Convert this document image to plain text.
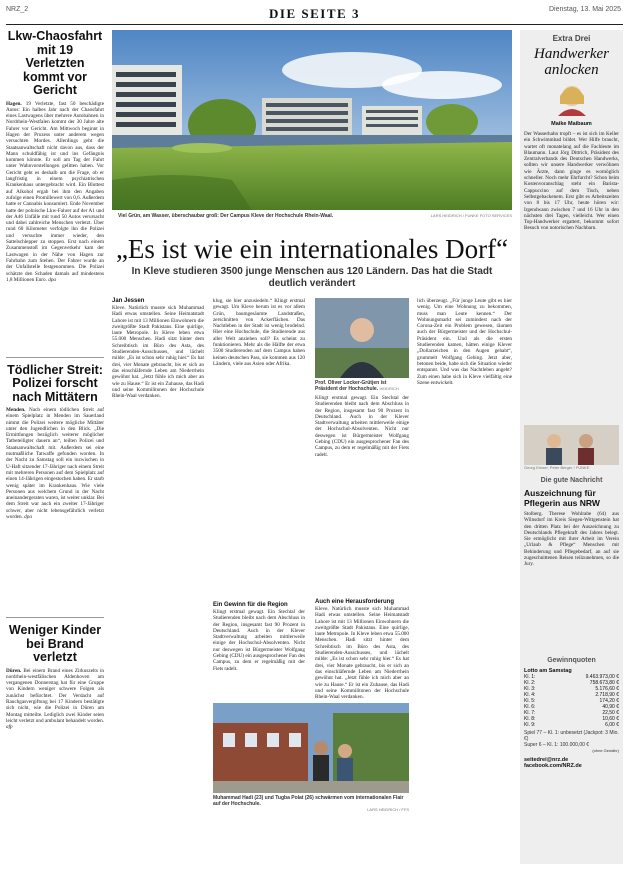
NRZ_2	DIE SEITE 3	Dienstag, 13. Mai 2025
Lkw-Chaosfahrt mit 19 Verletzten kommt vor Gericht
Hagen. 19 Verletzte, fast 50 beschädigte Autos: Ein halbes Jahr nach der Chaosfahrt eines Lastwagens über mehrere Autobahnen in Nordrhein-Westfalen kommt der 30 Jahre alte Fahrer vor Gericht. Am Mittwoch beginnt in Hagen der Prozess unter anderem wegen versuchten Mordes. Allerdings geht die Staatsanwaltschaft nicht davon aus, dass der Mann schuldfähig ist und ins Gefängnis kommen könnte. Er soll am Tag der Fahrt unter Wahnvorstellungen gelitten haben. Vor Gericht geht es deshalb um die Frage, ob er langfristig in einem psychiatrischen Krankenhaus untergebracht wird. Ein Bluttest auf Alkohol ergab bei ihm den Angaben zufolge einen Promillewert von 0,6. Außerdem hatte er Cannabis konsumiert. Ende November hatte der polnische Lkw-Fahrer auf der A1 und der A46 Unfälle mit rund 50 Autos verursacht und dabei zahlreiche Menschen verletzt. Über rund 60 Kilometer verfolgte ihn die Polizei und versuchte immer wieder, den Sattelschlepper zu stoppen. Erst nach einem Zusammenstoß im Gegenverkehr kam der Lastwagen in der Nähe von Hagen zur Fahrbahn zum Stehen. Der Fahrer wurde an der Unfallstelle festgenommen. Die Polizei schätzte den Schaden damals auf mindestens 1,8 Millionen Euro. dpa
Tödlicher Streit: Polizei forscht nach Mittätern
Menden. Nach einem tödlichen Streit auf einem Spielplatz in Menden im Sauerland nimmt die Polizei weitere mögliche Mittäter unter den Jugendlichen in den Blick. „Die Ermittlungen bezüglich weiterer möglicher Tatbeteiligter dauern an“, teilten Polizei und Staatsanwaltschaft mit. Außerdem sei eine mutmaßliche Tatwaffe gefunden worden. In der Nacht zu Samstag soll ein inzwischen in U-Haft sitzender 17-Jähriger nach einem Streit mit mehreren Personen auf dem Spielplatz auf einen 14-Jährigen eingestochen haben. Er starb wenig später im Krankenhaus. Wie viele Personen aus welchem Grund in der Nacht aneinandergeraten waren, ist weiter unklar. Bei dem Streit war auch ein zweiter 17-Jähriger schwer, aber nicht lebensgefährlich verletzt worden. dpa
Weniger Kinder bei Brand verletzt
Düren. Bei einem Brand eines Zirkuszelts in nordrhein-westfälischen Aldenhoven am vergangenen Donnerstag hat für eine Gruppe von Kindern weniger schwere Folgen als zunächst befürchtet. Der Verdacht auf Rauchgasvergiftung bei 17 Kindern bestätigte sich nicht, wie die Polizei in Düren am Montag mitteilte. Lediglich zwei Kinder seien leicht verletzt und ambulant behandelt worden. afp
Viel Grün, am Wasser, überschaubar groß: Der Campus Kleve der Hochschule Rhein-Waal.	LARS HEIDRICH / FUNKE FOTO SERVICES
„Es ist wie ein internationales Dorf“
In Kleve studieren 3500 junge Menschen aus 120 Ländern. Das hat die Stadt deutlich verändert
Jan Jessen
Kleve. Natürlich musste sich Muhammad Hadi etwas umstellen. Seine Heimatstadt Lahore ist mit 13 Millionen Einwohnern die zweitgrößte Stadt Pakistans. Eine quirlige, laute Metropole. In Kleve leben etwa 55.000 Menschen. Hadi sitzt hinter dem Schreibtisch im Büro des Asta, des Studierenden-Ausschusses, und lächelt milde: „Es ist schon sehr ruhig hier.“ Es hat drei, vier Monate gebraucht, bis er sich an das einschläfernde Leben am Niederrhein gewöhnt hat. „Jetzt fühle ich mich aber an wie zu Hause.“ Er ist ein Zuhause, das Hadi und seine Kommilitonen der Hochschule Rhein-Waal verdanken.
klug, sie hier anzusiedeln.“ Klingt erstmal gewagt. Um Kleve herum ist es vor allem Grün, baumgesäumte Landstraßen, zerschnitten von Ackerflächen. Das Nachtleben in der Stadt ist wenig brodelnd. Hier eine Hochschule, die Studierende aus aller Welt anziehen soll? Es scheint zu funktionieren. Mehr als die Hälfte der etwa 3500 Studierenden auf dem Campus haben keinen deutschen Pass, sie kommen aus 120 Ländern, viele aus Asien oder Afrika.
Ein Gewinn für die Region
Klingt erstmal gewagt. Ein Stechtal der Studierenden bleibt nach dem Abschluss in der Region, insgesamt fast 90 Prozent in Deutschland. Auch in der Klever Stadtverwaltung arbeiten mittlerweile einige der Hochschul-Absolventen. Nicht nur deswegen ist Bürgermeister Wolfgang Gebing (CDU) ein ausgesprochener Fan des Campus, zu dem er regelmäßig mit der Fiets radelt.
Prof. Oliver Locker-Grütjen ist Präsident der Hochschule. HEIDRICH
Klingt erstmal gewagt. Ein Stechtal der Studierenden bleibt nach dem Abschluss in der Region, insgesamt fast 90 Prozent in Deutschland. Auch in der Klever Stadtverwaltung arbeiten mittlerweile einige der Hochschul-Absolventen. Nicht nur deswegen ist Bürgermeister Wolfgang Gebing (CDU) ein ausgesprochener Fan des Campus, zu dem er regelmäßig mit der Fiets radelt.
Auch eine Herausforderung
Kleve. Natürlich musste sich Muhammad Hadi etwas umstellen. Seine Heimatstadt Lahore ist mit 13 Millionen Einwohnern die zweitgrößte Stadt Pakistans. Eine quirlige, laute Metropole. In Kleve leben etwa 55.000 Menschen. Hadi sitzt hinter dem Schreibtisch im Büro des Asta, des Studierenden-Ausschusses, und lächelt milde: „Es ist schon sehr ruhig hier.“ Es hat drei, vier Monate gebraucht, bis er sich an das einschläfernde Leben am Niederrhein gewöhnt hat. „Jetzt fühle ich mich aber an wie zu Hause.“ Er ist ein Zuhause, das Hadi und seine Kommilitonen der Hochschule Rhein-Waal verdanken.
lich überzeugt. „Für junge Leute gibt es hier wenig. Um eine Wohnung zu bekommen, muss man Leute kennen.“ Der Wohnungsmarkt sei zumindest nach der Corona-Zeit ein Problem gewesen, räumen auch der Bürgermeister und der Hochschul-Präsident ein. Und als die ersten Studierenden kamen, hätten einige Klever „Dollarzeichen in den Augen gehabt“, grummelt Wolfgang Gebing. Jetzt aber, betonen beide, habe sich die Situation wieder entspannt. Und was das Nachtleben angeht? Zum einen habe sich in Kleve vielfältig eine Szene entwickelt.
Muhammad Hadi (23) und Tugba Polat (26) schwärmen vom internationalen Flair auf der Hochschule.
LARS HEIDRICH / FFS
Extra Drei
Handwerker anlocken
Maike Maibaum
Der Wasserhahn tropft – es ist sich im Keller ein Schwimmbad bildet. Wer Hilfe braucht, wartet oft monatelang auf die Fachleute im Blaumann. Laut Jörg Dittrich, Präsident des Zentralverbands des Deutschen Handwerks, sollten wir unsere Handwerker verwöhnen wie Ärzte, dann ginge es womöglich schneller. Noch mehr Ehrfurcht? Schon beim Kostenvoranschlag steht ein Barista-Cappuccino auf dem Tisch, neben Selbstgebackenem. Erst gibt es Arbeitszeiten von 8 bis 17 Uhr, heute hören wir: Irgendwann zwischen 7 und 16 Uhr in den nächsten drei Tagen, vielleicht. Wer einen Top-Handwerker ergattert, bekommt sofort Besuch von notorischen Nachbarn.
Georg Emser, Peter Berger / FUNKE
Die gute Nachricht
Auszeichnung für Pflegerin aus NRW
Stolberg. Therese Wohlrabe (64) aus Wilnsdorf im Kreis Siegen-Wittgenstein hat den dritten Platz bei der Auszeichnung zu Deutschlands Pflegekraft des Jahres belegt. Sie ermöglicht mit ihrer Arbeit im Verein „Urlaub & Pflege“ Menschen mit Behinderung und Pflegebedarf, an auf sie zugeschnittenen Reisen teilzunehmen, so die Jury.
Gewinnquoten
Lotto am Samstag
Kl. 1:	9.463.973,00 €
Kl. 2:	758.673,80 €
Kl. 3:	5.176,60 €
Kl. 4:	2.718,90 €
Kl. 5:	174,20 €
Kl. 6:	40,90 €
Kl. 7:	22,50 €
Kl. 8:	10,60 €
Kl. 9:	6,00 €
Spiel 77 – Kl. 1: unbesetzt (Jackpot: 3 Mio. €)
Super 6 – Kl. 1: 100.000,00 €
(ohne Gewähr)
seitedrei@nrz.de
facebook.com/NRZ.de
